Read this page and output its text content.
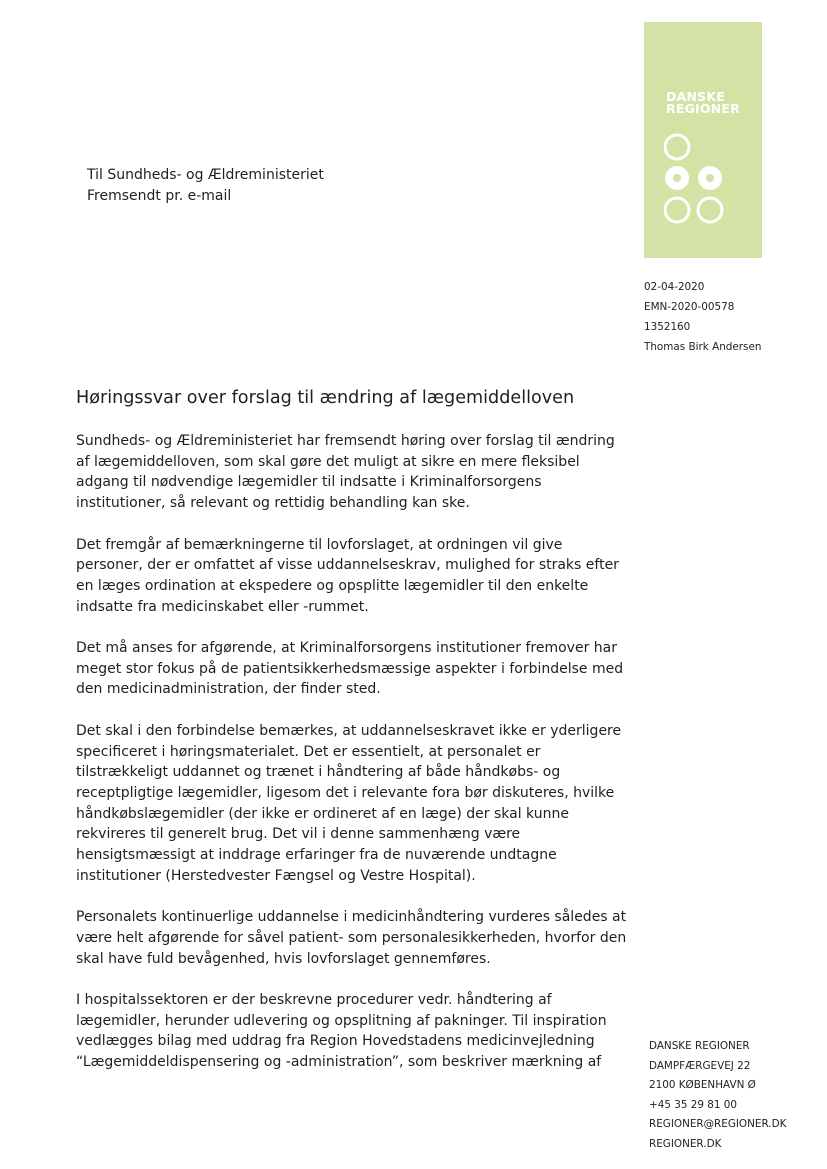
DANSKE
REGIONER
Til Sundheds- og Ældreministeriet
Fremsendt pr. e-mail
02-04-2020
EMN-2020-00578
1352160
Thomas Birk Andersen
Høringssvar over forslag til ændring af lægemiddelloven

Sundheds- og Ældreministeriet har fremsendt høring over forslag til ændring
af lægemiddelloven, som skal gøre det muligt at sikre en mere fleksibel
adgang til nødvendige lægemidler til indsatte i Kriminalforsorgens
institutioner, så relevant og rettidig behandling kan ske.

Det fremgår af bemærkningerne til lovforslaget, at ordningen vil give
personer, der er omfattet af visse uddannelseskrav, mulighed for straks efter
en læges ordination at ekspedere og opsplitte lægemidler til den enkelte
indsatte fra medicinskabet eller -rummet.

Det må anses for afgørende, at Kriminalforsorgens institutioner fremover har
meget stor fokus på de patientsikkerhedsmæssige aspekter i forbindelse med
den medicinadministration, der finder sted.

Det skal i den forbindelse bemærkes, at uddannelseskravet ikke er yderligere
specificeret i høringsmaterialet. Det er essentielt, at personalet er
tilstrækkeligt uddannet og trænet i håndtering af både håndkøbs- og
receptpligtige lægemidler, ligesom det i relevante fora bør diskuteres, hvilke
håndkøbslægemidler (der ikke er ordineret af en læge) der skal kunne
rekvireres til generelt brug. Det vil i denne sammenhæng være
hensigtsmæssigt at inddrage erfaringer fra de nuværende undtagne
institutioner (Herstedvester Fængsel og Vestre Hospital).

Personalets kontinuerlige uddannelse i medicinhåndtering vurderes således at
være helt afgørende for såvel patient- som personalesikkerheden, hvorfor den
skal have fuld bevågenhed, hvis lovforslaget gennemføres.

I hospitalssektoren er der beskrevne procedurer vedr. håndtering af
lægemidler, herunder udlevering og opsplitning af pakninger. Til inspiration
vedlægges bilag med uddrag fra Region Hovedstadens medicinvejledning
“Lægemiddeldispensering og -administration”, som beskriver mærkning af

DANSKE REGIONER
DAMPFÆRGEVEJ 22
2100 KØBENHAVN Ø
+45 35 29 81 00
REGIONER@REGIONER.DK
REGIONER.DK
